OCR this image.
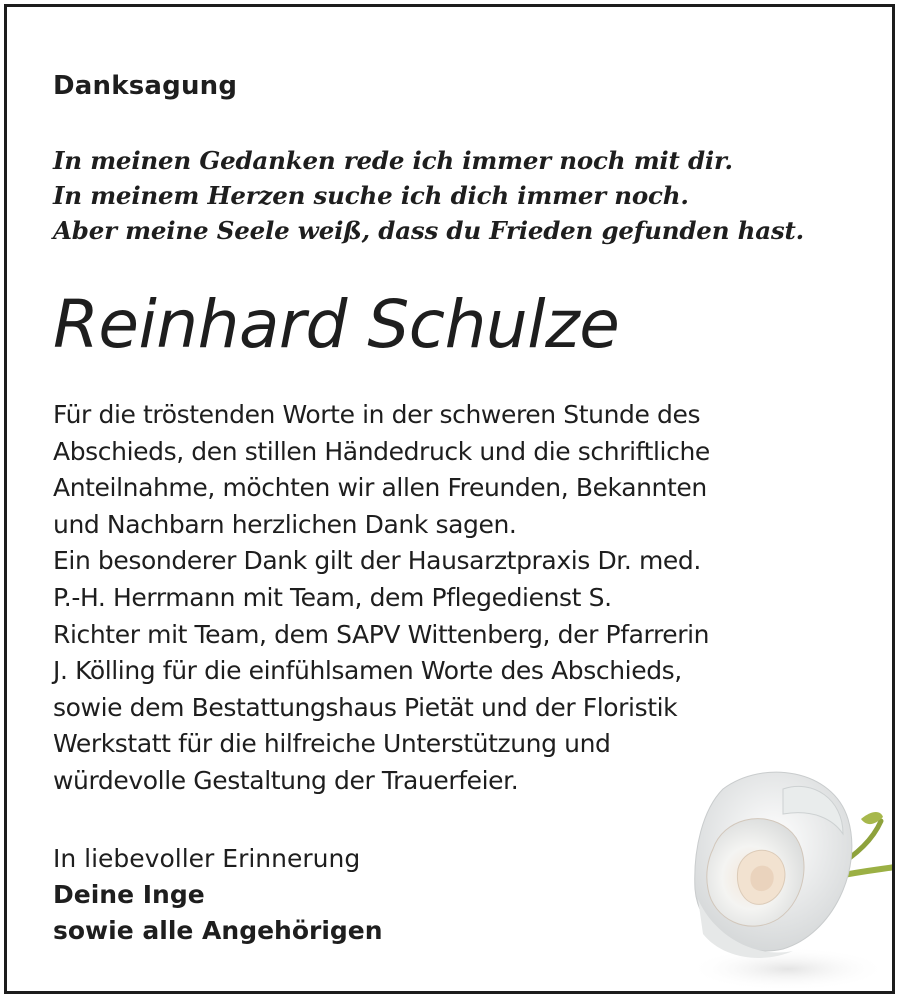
Danksagung
In meinen Gedanken rede ich immer noch mit dir.
In meinem Herzen suche ich dich immer noch.
Aber meine Seele weiß, dass du Frieden gefunden hast.
Reinhard Schulze
Für die tröstenden Worte in der schweren Stunde des
Abschieds, den stillen Händedruck und die schriftliche
Anteilnahme, möchten wir allen Freunden, Bekannten
und Nachbarn herzlichen Dank sagen.
Ein besonderer Dank gilt der Hausarztpraxis Dr. med.
P.-H. Herrmann mit Team, dem Pflegedienst S.
Richter mit Team, dem SAPV Wittenberg, der Pfarrerin
J. Kölling für die einfühlsamen Worte des Abschieds,
sowie dem Bestattungshaus Pietät und der Floristik
Werkstatt für die hilfreiche Unterstützung und
würdevolle Gestaltung der Trauerfeier.
In liebevoller Erinnerung
Deine Inge
sowie alle Angehörigen
